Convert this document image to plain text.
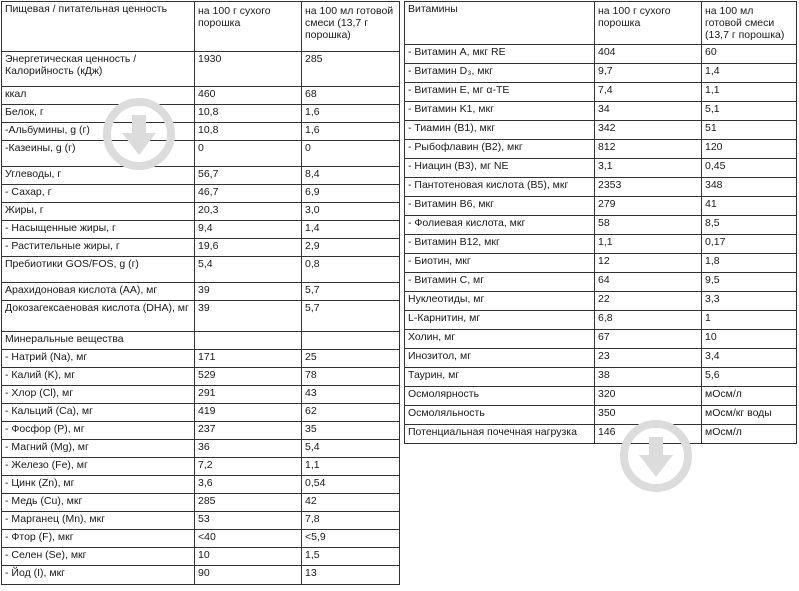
Пищевая / питательная ценность	на 100 г сухого порошка	на 100 мл готовой смеси (13,7 г порошка)
Энергетическая ценность / Калорийность (кДж)	1930	285
ккал	460	68
Белок, г	10,8	1,6
-Альбумины, g (г)	10,8	1,6
-Казеины, g (г)	0	0
Углеводы, г	56,7	8,4
- Сахар, г	46,7	6,9
Жиры, г	20,3	3,0
- Насыщенные жиры, г	9,4	1,4
- Растительные жиры, г	19,6	2,9
Пребиотики GOS/FOS, g (г)	5,4	0,8
Арахидоновая кислота (АА), мг	39	5,7
Докозагексаеновая кислота (DHA), мг	39	5,7
Минеральные вещества		
- Натрий (Na), мг	171	25
- Калий (K), мг	529	78
- Хлор (Cl), мг	291	43
- Кальций (Ca), мг	419	62
- Фосфор (P), мг	237	35
- Магний (Mg), мг	36	5,4
- Железо (Fe), мг	7,2	1,1
- Цинк (Zn), мг	3,6	0,54
- Медь (Cu), мкг	285	42
- Марганец (Mn), мкг	53	7,8
- Фтор (F), мкг	<40	<5,9
- Селен (Se), мкг	10	1,5
- Йод (I), мкг	90	13
Витамины	на 100 г сухого порошка	на 100 мл готовой смеси (13,7 г порошка)
- Витамин A, мкг RE	404	60
- Витамин D₃, мкг	9,7	1,4
- Витамин E, мг α-TE	7,4	1,1
- Витамин K1, мкг	34	5,1
- Тиамин (B1), мкг	342	51
- Рыбофлавин (B2), мкг	812	120
- Ниацин (B3), мг NE	3,1	0,45
- Пантотеновая кислота (B5), мкг	2353	348
- Витамин B6, мкг	279	41
- Фолиевая кислота, мкг	58	8,5
- Витамин B12, мкг	1,1	0,17
- Биотин, мкг	12	1,8
- Витамин C, мг	64	9,5
Нуклеотиды, мг	22	3,3
L-Карнитин, мг	6,8	1
Холин, мг	67	10
Инозитол, мг	23	3,4
Таурин, мг	38	5,6
Осмолярность	320	мОсм/л
Осмоляльность	350	мОсм/кг воды
Потенциальная почечная нагрузка	146	мОсм/л
